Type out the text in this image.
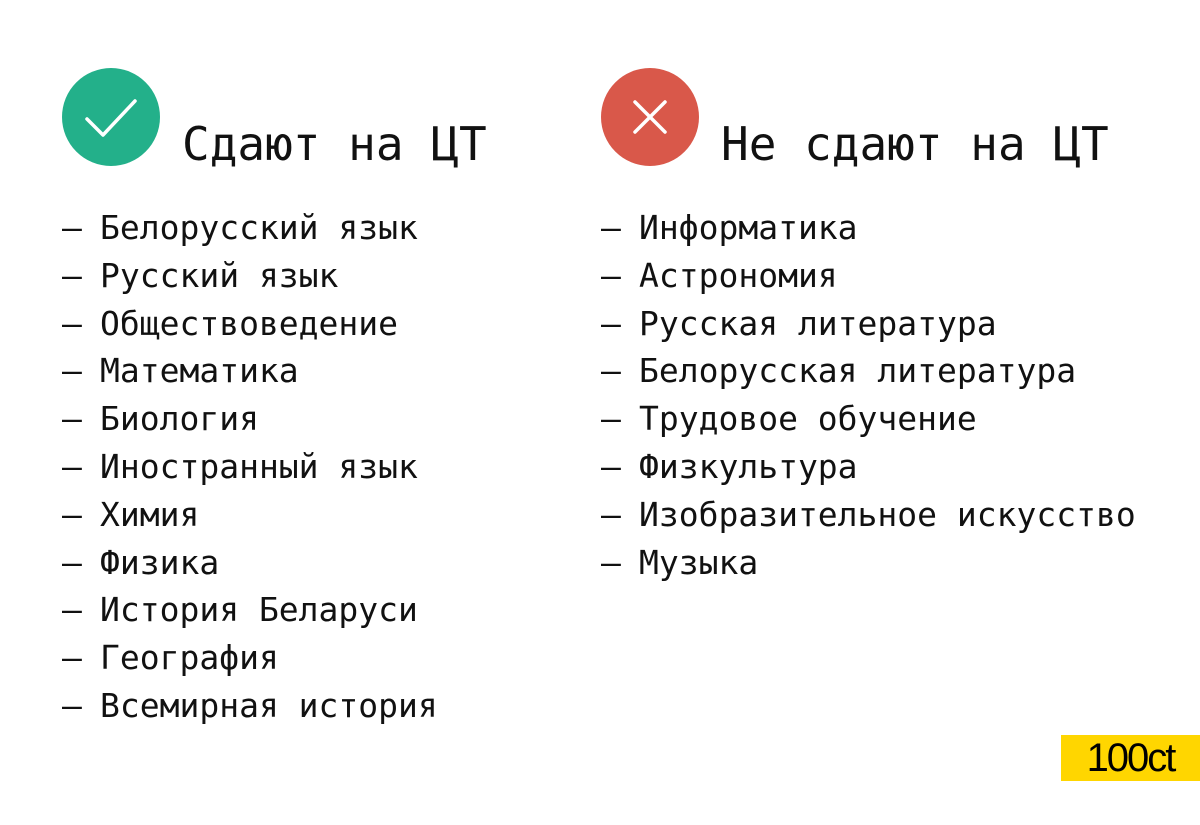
Сдают на ЦТ
– Белорусский язык
– Русский язык
– Обществоведение
– Математика
– Биология
– Иностранный язык
– Химия
– Физика
– История Беларуси
– География
– Всемирная история
Не сдают на ЦТ
– Информатика
– Астрономия
– Русская литература
– Белорусская литература
– Трудовое обучение
– Физкультура
– Изобразительное искусство
– Музыка
100ct
